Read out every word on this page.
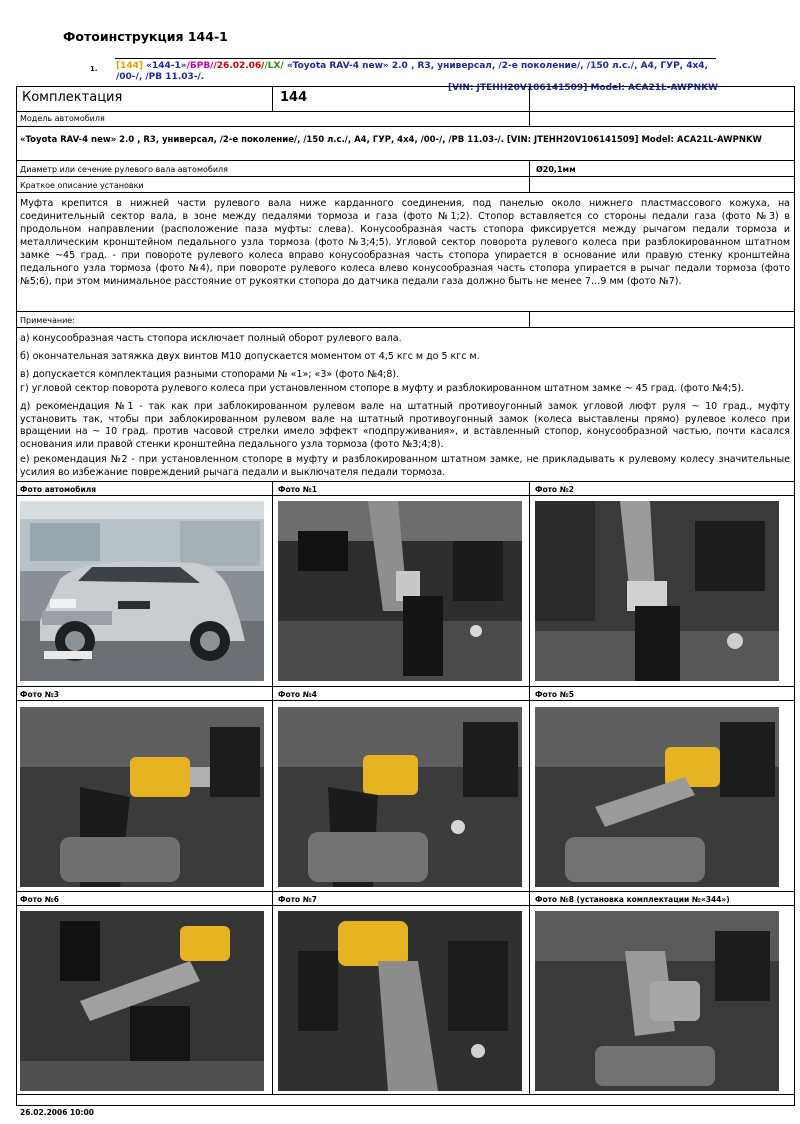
Фотоинструкция 144-1
1. [144] «144-1»/БРВ//26.02.06//LX/ «Toyota RAV-4 new» 2.0 , R3, универсал, /2-е поколение/, /150 л.с./, A4, ГУР, 4x4, /00-/, /PB 11.03-/.
[VIN: JTEHH20V106141509] Model: ACA21L-AWPNKW
Комплектация	144
Модель автомобиля
«Toyota RAV-4 new» 2.0 , R3, универсал, /2-е поколение/, /150 л.с./, A4, ГУР, 4x4, /00-/, /PB 11.03-/. [VIN: JTEHH20V106141509] Model: ACA21L-AWPNKW
Диаметр или сечение рулевого вала автомобиля	Ø20,1мм
Краткое описание установки
Муфта крепится в нижней части рулевого вала ниже карданного соединения, под панелью около нижнего пластмассового кожуха, на соединительный сектор вала, в зоне между педалями тормоза и газа (фото №1;2). Стопор вставляется со стороны педали газа (фото №3) в продольном направлении (расположение паза муфты: слева). Конусообразная часть стопора фиксируется между рычагом педали тормоза и металлическим кронштейном педального узла тормоза (фото №3;4;5). Угловой сектор поворота рулевого колеса при разблокированном штатном замке ~45 град. - при повороте рулевого колеса вправо конусообразная часть стопора упирается в основание или правую стенку кронштейна педального узла тормоза (фото №4), при повороте рулевого колеса влево конусообразная часть стопора упирается в рычаг педали тормоза (фото №5;6), при этом минимальное расстояние от рукоятки стопора до датчика педали газа должно быть не менее 7…9 мм (фото №7).
Примечание:
а) конусообразная часть стопора исключает полный оборот рулевого вала.
б) окончательная затяжка двух винтов М10 допускается моментом от 4,5 кгс м до 5 кгс м.
в) допускается комплектация разными стопорами № «1»; «3» (фото №4;8).
г) угловой сектор поворота рулевого колеса при установленном стопоре в муфту и разблокированном штатном замке ~ 45 град. (фото №4;5).
д) рекомендация №1 - так как при заблокированном рулевом вале на штатный противоугонный замок угловой люфт руля ~ 10 град., муфту установить так, чтобы при заблокированном рулевом вале на штатный противоугонный замок (колеса выставлены прямо) рулевое колесо при вращении на ~ 10 град. против часовой стрелки имело эффект «подпруживания», и вставленный стопор, конусообразной частью, почти касался основания или правой стенки кронштейна педального узла тормоза (фото №3;4;8).
е) рекомендация №2 - при установленном стопоре в муфту и разблокированном штатном замке, не прикладывать к рулевому колесу значительные усилия во избежание повреждений рычага педали и выключателя педали тормоза.
Фото автомобиля	Фото №1	Фото №2
Фото №3	Фото №4	Фото №5
Фото №6	Фото №7	Фото №8 (установка комплектации №«344»)
26.02.2006 10:00
